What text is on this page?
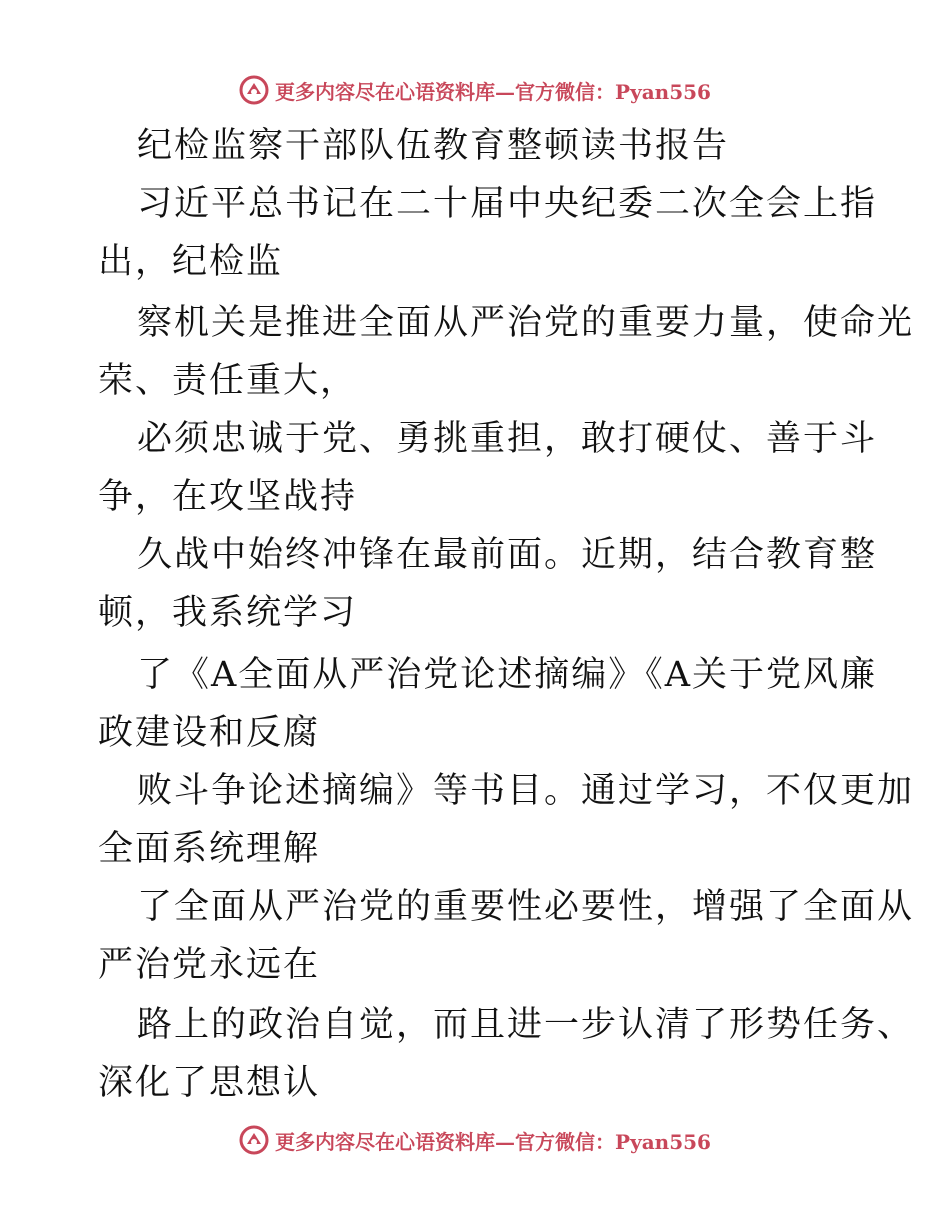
更多内容尽在心语资料库—官方微信：Pyan556
纪检监察干部队伍教育整顿读书报告
习近平总书记在二十届中央纪委二次全会上指
出，纪检监
察机关是推进全面从严治党的重要力量，使命光
荣、责任重大，
必须忠诚于党、勇挑重担，敢打硬仗、善于斗
争，在攻坚战持
久战中始终冲锋在最前面。近期，结合教育整
顿，我系统学习
了《A全面从严治党论述摘编》《A关于党风廉
政建设和反腐
败斗争论述摘编》等书目。通过学习，不仅更加
全面系统理解
了全面从严治党的重要性必要性，增强了全面从
严治党永远在
路上的政治自觉，而且进一步认清了形势任务、
深化了思想认
更多内容尽在心语资料库—官方微信：Pyan556
